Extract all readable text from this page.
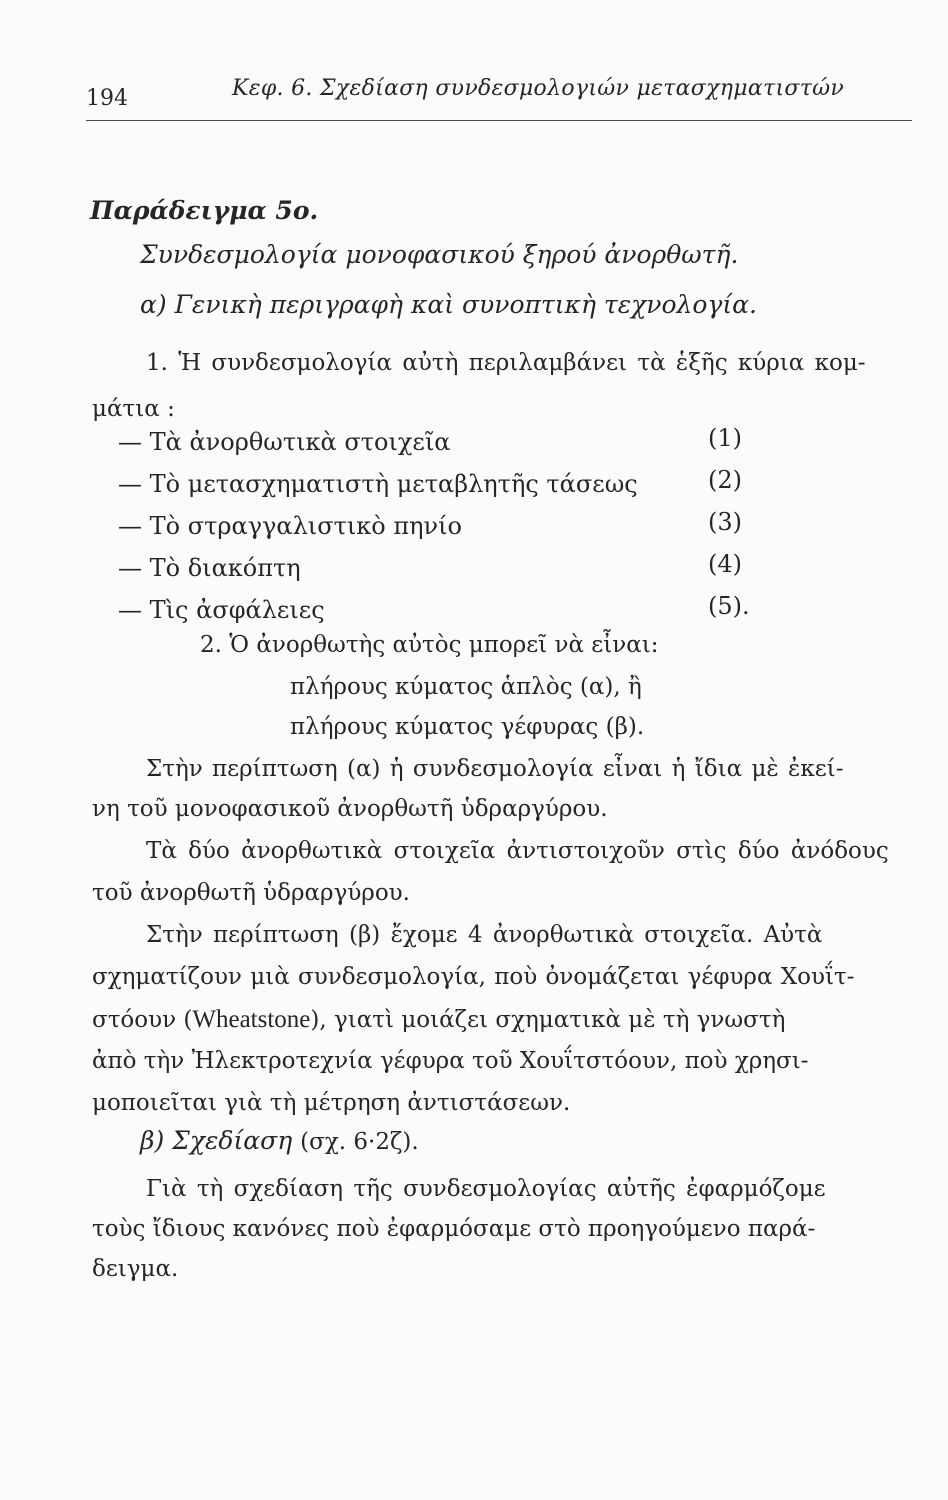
194	Κεφ. 6. Σχεδίαση συνδεσμολογιών μετασχηματιστών
Παράδειγμα 5ο.
Συνδεσμολογία μονοφασικού ξηρού ἀνορθωτῆ.
α) Γενικὴ περιγραφὴ καὶ συνοπτικὴ τεχνολογία.
1. Ἡ συνδεσμολογία αὐτὴ περιλαμβάνει τὰ ἑξῆς κύρια κομ-
μάτια :
— Τὰ ἀνορθωτικὰ στοιχεῖα	(1)
— Τὸ μετασχηματιστὴ μεταβλητῆς τάσεως	(2)
— Τὸ στραγγαλιστικὸ πηνίο	(3)
— Τὸ διακόπτη	(4)
— Τὶς ἀσφάλειες	(5).
2. Ὁ ἀνορθωτὴς αὐτὸς μπορεῖ νὰ εἶναι:
πλήρους κύματος ἁπλὸς (α), ἢ
πλήρους κύματος γέφυρας (β).
Στὴν περίπτωση (α) ἡ συνδεσμολογία εἶναι ἡ ἴδια μὲ ἐκεί-
νη τοῦ μονοφασικοῦ ἀνορθωτῆ ὑδραργύρου.
Τὰ δύο ἀνορθωτικὰ στοιχεῖα ἀντιστοιχοῦν στὶς δύο ἀνόδους
τοῦ ἀνορθωτῆ ὑδραργύρου.
Στὴν περίπτωση (β) ἔχομε 4 ἀνορθωτικὰ στοιχεῖα. Αὐτὰ
σχηματίζουν μιὰ συνδεσμολογία, ποὺ ὀνομάζεται γέφυρα Χουΐτ-
στόουν (Wheatstone), γιατὶ μοιάζει σχηματικὰ μὲ τὴ γνωστὴ
ἀπὸ τὴν Ἠλεκτροτεχνία γέφυρα τοῦ Χουΐτστόουν, ποὺ χρησι-
μοποιεῖται γιὰ τὴ μέτρηση ἀντιστάσεων.
β) Σχεδίαση (σχ. 6·2ζ).
Γιὰ τὴ σχεδίαση τῆς συνδεσμολογίας αὐτῆς ἐφαρμόζομε
τοὺς ἴδιους κανόνες ποὺ ἐφαρμόσαμε στὸ προηγούμενο παρά-
δειγμα.
